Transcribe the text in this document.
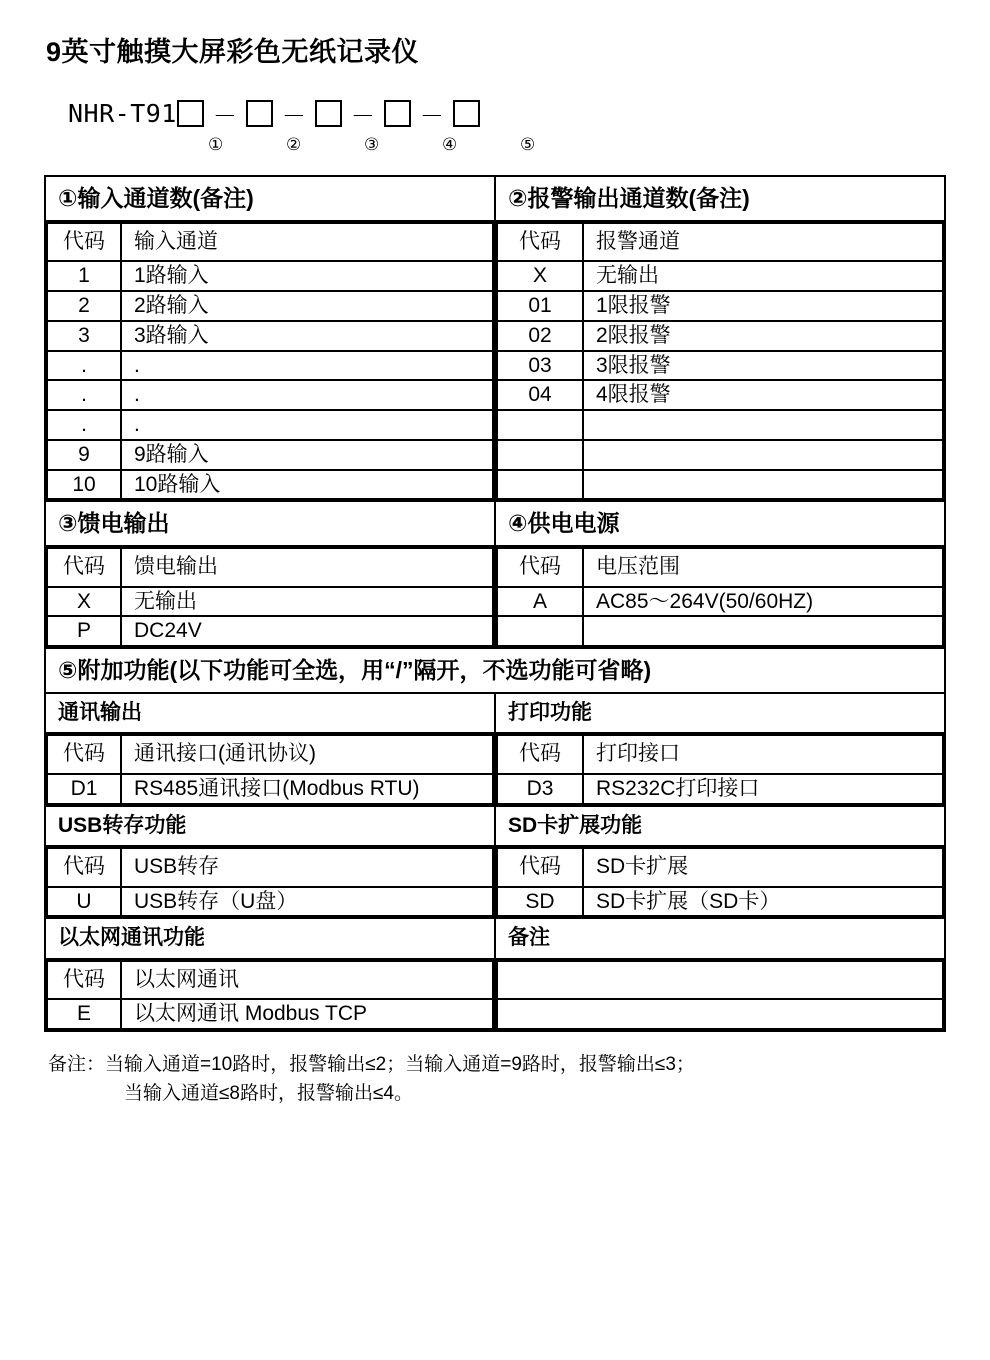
9英寸触摸大屏彩色无纸记录仪
NHR-T91 － － － －
①	②	③	④	⑤
①输入通道数(备注)	②报警输出通道数(备注)

代码	输入通道
1	1路输入
2	2路输入
3	3路输入
.	.
.	.
.	.
9	9路输入
10	10路输入

代码	报警通道
X	无输出
01	1限报警
02	2限报警
03	3限报警
04	4限报警

③馈电输出	④供电电源

代码	馈电输出
X	无输出
P	DC24V

代码	电压范围
A	AC85～264V(50/60HZ)

⑤附加功能(以下功能可全选，用“/”隔开，不选功能可省略)

通讯输出	打印功能

代码	通讯接口(通讯协议)
D1	RS485通讯接口(Modbus RTU)

代码	打印接口
D3	RS232C打印接口

USB转存功能	SD卡扩展功能

代码	USB转存
U	USB转存（U盘）

代码	SD卡扩展
SD	SD卡扩展（SD卡）

以太网通讯功能	备注

代码	以太网通讯
E	以太网通讯 Modbus TCP

备注：当输入通道=10路时，报警输出≤2；当输入通道=9路时，报警输出≤3；
当输入通道≤8路时，报警输出≤4。
